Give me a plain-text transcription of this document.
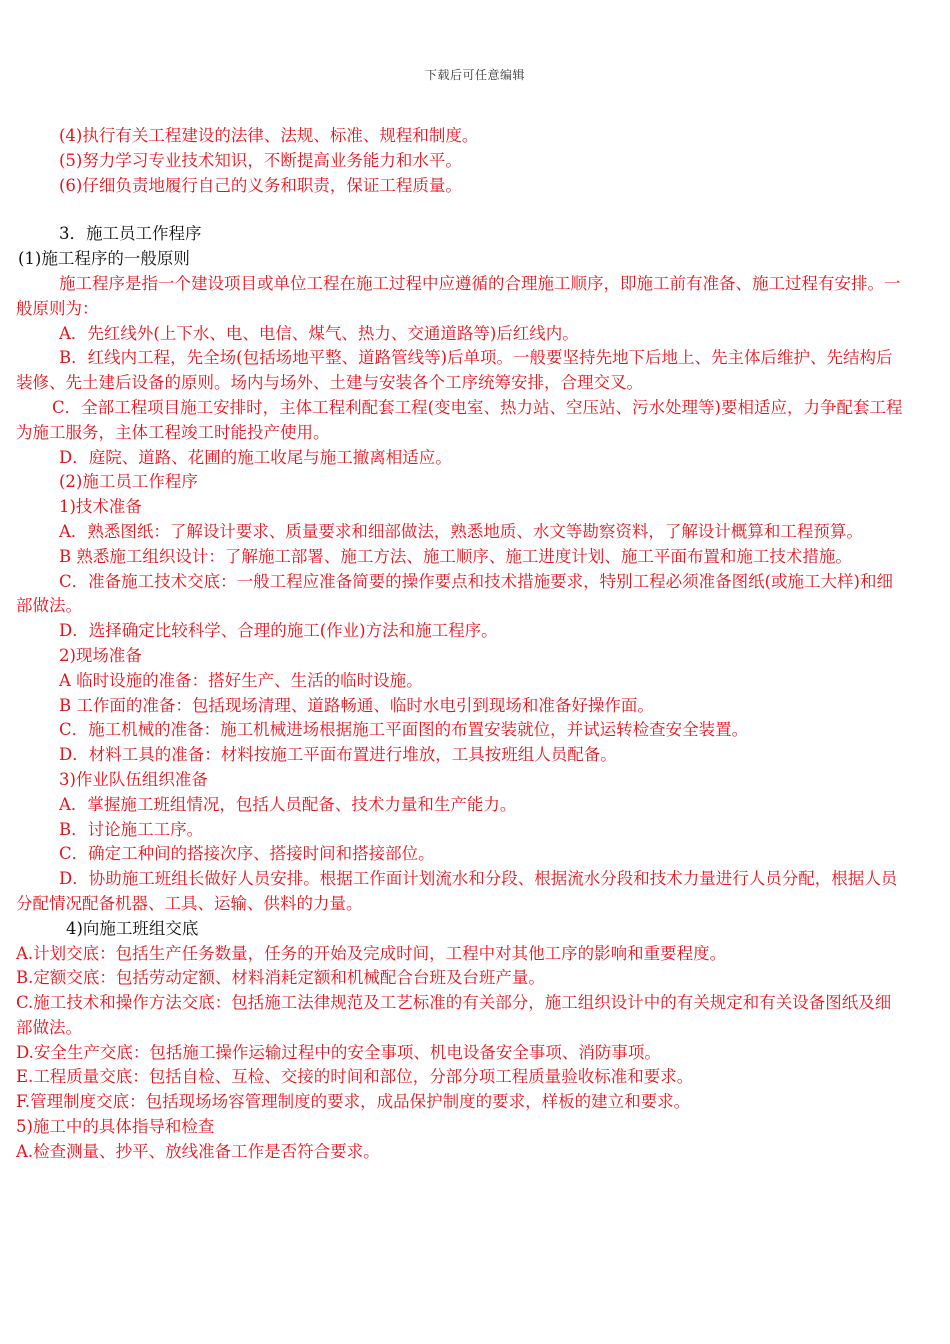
下载后可任意编辑

(4)执行有关工程建设的法律、法规、标准、规程和制度。

(5)努力学习专业技术知识，不断提高业务能力和水平。

(6)仔细负责地履行自己的义务和职责，保证工程质量。

3．施工员工作程序

(1)施工程序的一般原则

施工程序是指一个建设项目或单位工程在施工过程中应遵循的合理施工顺序，即施工前有准备、施工过程有安排。一般原则为：

A．先红线外(上下水、电、电信、煤气、热力、交通道路等)后红线内。

B．红线内工程，先全场(包括场地平整、道路管线等)后单项。一般要坚持先地下后地上、先主体后维护、先结构后装修、先土建后设备的原则。场内与场外、土建与安装各个工序统筹安排，合理交叉。

C．全部工程项目施工安排时，主体工程利配套工程(变电室、热力站、空压站、污水处理等)要相适应，力争配套工程为施工服务，主体工程竣工时能投产使用。

D．庭院、道路、花圃的施工收尾与施工撤离相适应。

(2)施工员工作程序

1)技术准备

A．熟悉图纸：了解设计要求、质量要求和细部做法，熟悉地质、水文等勘察资料，了解设计概算和工程预算。

B 熟悉施工组织设计：了解施工部署、施工方法、施工顺序、施工进度计划、施工平面布置和施工技术措施。

C．准备施工技术交底：一般工程应准备简要的操作要点和技术措施要求，特别工程必须准备图纸(或施工大样)和细部做法。

D．选择确定比较科学、合理的施工(作业)方法和施工程序。

2)现场准备

A 临时设施的准备：搭好生产、生活的临时设施。

B 工作面的准备：包括现场清理、道路畅通、临时水电引到现场和准备好操作面。

C．施工机械的准备：施工机械进场根据施工平面图的布置安装就位，并试运转检查安全装置。

D．材料工具的准备：材料按施工平面布置进行堆放，工具按班组人员配备。

3)作业队伍组织准备

A．掌握施工班组情况，包括人员配备、技术力量和生产能力。

B．讨论施工工序。

C．确定工种间的搭接次序、搭接时间和搭接部位。

D．协助施工班组长做好人员安排。根据工作面计划流水和分段、根据流水分段和技术力量进行人员分配，根据人员分配情况配备机器、工具、运输、供料的力量。

4)向施工班组交底

A.计划交底：包括生产任务数量，任务的开始及完成时间，工程中对其他工序的影响和重要程度。

B.定额交底：包括劳动定额、材料消耗定额和机械配合台班及台班产量。

C.施工技术和操作方法交底：包括施工法律规范及工艺标准的有关部分，施工组织设计中的有关规定和有关设备图纸及细部做法。

D.安全生产交底：包括施工操作运输过程中的安全事项、机电设备安全事项、消防事项。

E.工程质量交底：包括自检、互检、交接的时间和部位，分部分项工程质量验收标准和要求。

F.管理制度交底：包括现场场容管理制度的要求，成品保护制度的要求，样板的建立和要求。

5)施工中的具体指导和检查

A.检查测量、抄平、放线准备工作是否符合要求。
